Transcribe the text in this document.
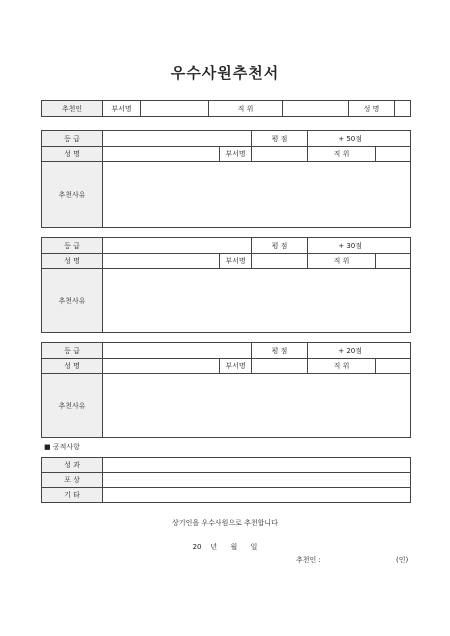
우수사원추천서
추천인	부서명		직 위		성 명	
등 급			평 점	+ 50점	
성 명		부서명		직 위	
추천사유					
등 급			평 점	+ 30점	
성 명		부서명		직 위	
추천사유					
등 급			평 점	+ 20점	
성 명		부서명		직 위	
추천사유					
■ 공적사항
성 과	
포 상	
기 타	
상기인을 우수사원으로 추천합니다
20    년      월      일
추천인 :	(인)
